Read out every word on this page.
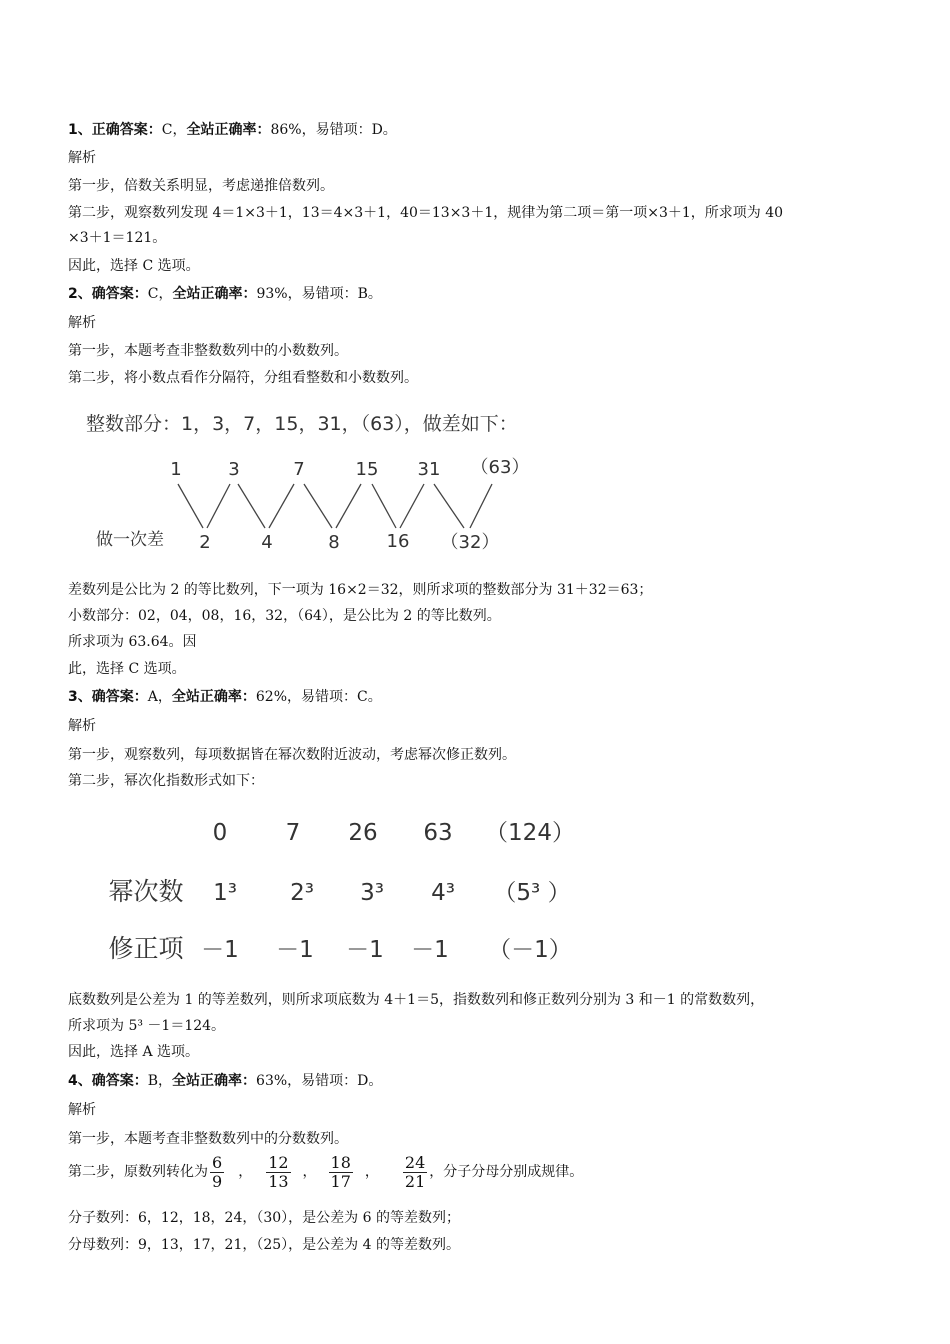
1、正确答案：C，全站正确率：86%，易错项：D。
解析
第一步，倍数关系明显，考虑递推倍数列。
第二步，观察数列发现 4＝1×3＋1，13＝4×3＋1，40＝13×3＋1，规律为第二项＝第一项×3＋1，所求项为 40
×3＋1＝121。
因此，选择 C 选项。
2、确答案：C，全站正确率：93%，易错项：B。
解析
第一步，本题考查非整数数列中的小数数列。
第二步，将小数点看作分隔符，分组看整数和小数数列。
整数部分：1，3，7，15，31，（63），做差如下：
1	3	7	15 31 （63）
做一次差 2	4	8	16 （32）
差数列是公比为 2 的等比数列，下一项为 16×2＝32，则所求项的整数部分为 31＋32＝63；
小数部分：02，04，08，16，32，（64），是公比为 2 的等比数列。
所求项为 63.64。因
此，选择 C 选项。
3、确答案：A，全站正确率：62%，易错项：C。
解析
第一步，观察数列，每项数据皆在幂次数附近波动，考虑幂次修正数列。
第二步，幂次化指数形式如下：
0	7 26 63 （124）
幂次数 1³ 2³ 3³ 4³ （5³ ）
修正项 －1 －1 －1 －1 （－1）
底数数列是公差为 1 的等差数列，则所求项底数为 4＋1＝5，指数数列和修正数列分别为 3 和－1 的常数数列，
所求项为 5³ －1＝124。
因此，选择 A 选项。
4、确答案：B，全站正确率：63%，易错项：D。
解析
第一步，本题考查非整数数列中的分数数列。
第二步，原数列转化为 $\frac{6}{9}$ ， $\frac{12}{13}$ ， $\frac{18}{17}$ ， $\frac{24}{21}$ ，分子分母分别成规律。
分子数列：6，12，18，24，（30），是公差为 6 的等差数列；
分母数列：9，13，17，21，（25），是公差为 4 的等差数列。
